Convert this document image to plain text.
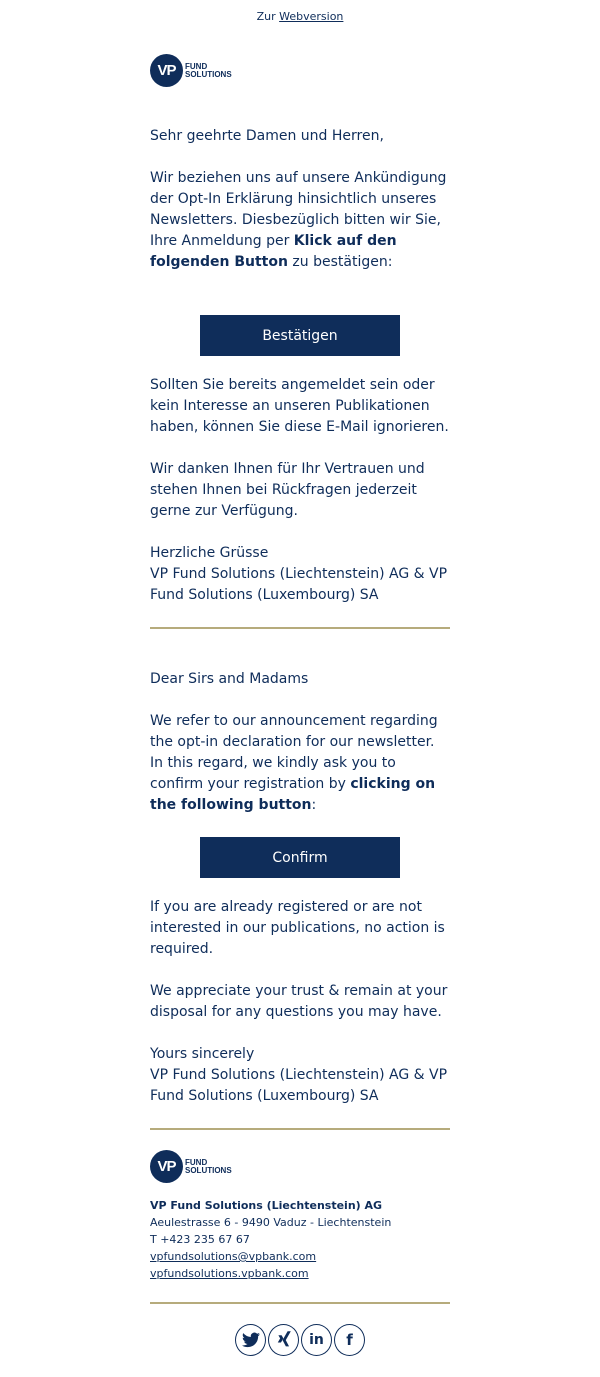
Zur Webversion
VP	FUND
SOLUTIONS

Sehr geehrte Damen und Herren,

Wir beziehen uns auf unsere Ankündigung der Opt-In Erklärung hinsichtlich unseres Newsletters. Diesbezüglich bitten wir Sie, Ihre Anmeldung per Klick auf den folgenden Button zu bestätigen:

Bestätigen

Sollten Sie bereits angemeldet sein oder kein Interesse an unseren Publikationen haben, können Sie diese E-Mail ignorieren.

Wir danken Ihnen für Ihr Vertrauen und stehen Ihnen bei Rückfragen jederzeit gerne zur Verfügung.

Herzliche Grüsse

VP Fund Solutions (Liechtenstein) AG & VP Fund Solutions (Luxembourg) SA

Dear Sirs and Madams

We refer to our announcement regarding the opt-in declaration for our newsletter. In this regard, we kindly ask you to confirm your registration by clicking on the following button:

Confirm

If you are already registered or are not interested in our publications, no action is required.

We appreciate your trust & remain at your disposal for any questions you may have.

Yours sincerely

VP Fund Solutions (Liechtenstein) AG & VP Fund Solutions (Luxembourg) SA

VP	FUND
SOLUTIONS
VP Fund Solutions (Liechtenstein) AG
Aeulestrasse 6 - 9490 Vaduz - Liechtenstein
T +423 235 67 67
vpfundsolutions@vpbank.com
vpfundsolutions.vpbank.com
in f
